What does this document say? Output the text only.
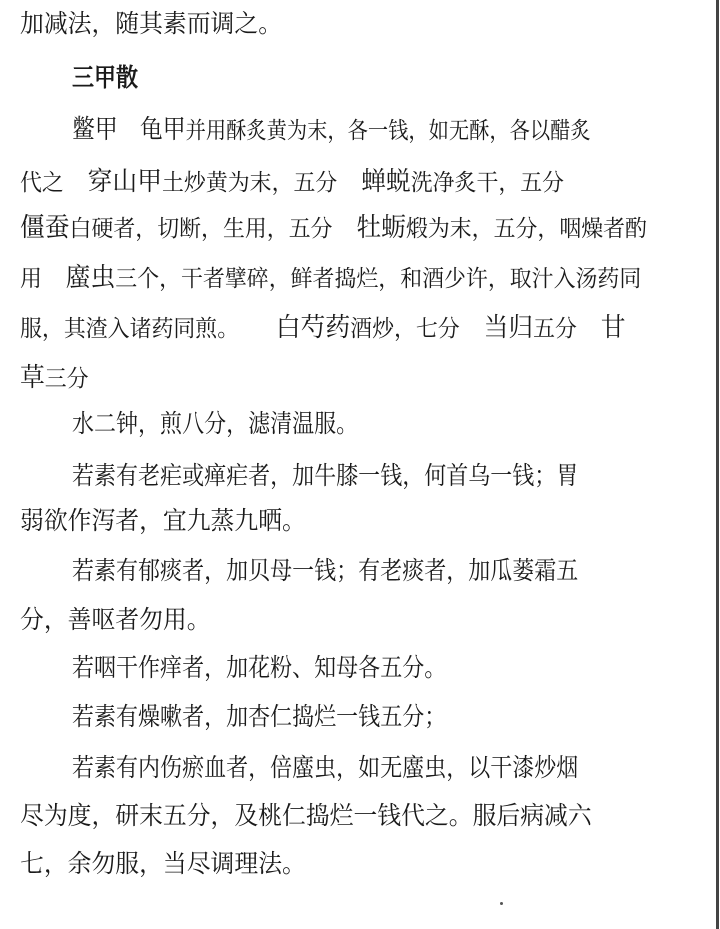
加减法，随其素而调之。
三甲散
鳖甲　 龟甲并用酥炙黄为末，各一钱，如无酥，各以醋炙
代之　 穿山甲土炒黄为末，五分　 蝉蜕洗净炙干，五分
僵蚕白硬者，切断，生用，五分　 牡蛎煅为末，五分，咽燥者酌
用　 䗪虫三个，干者擘碎，鲜者捣烂，和酒少许，取汁入汤药同
服，其渣入诸药同煎。　　 白芍药酒炒，七分　 当归五分　 甘
草三分
水二钟，煎八分，滤清温服。
若素有老疟或瘅疟者，加牛膝一钱，何首乌一钱；胃
弱欲作泻者，宜九蒸九晒。
若素有郁痰者，加贝母一钱；有老痰者，加瓜蒌霜五
分，善呕者勿用。
若咽干作痒者，加花粉、知母各五分。
若素有燥嗽者，加杏仁捣烂一钱五分；
若素有内伤瘀血者，倍䗪虫，如无䗪虫，以干漆炒烟
尽为度，研末五分，及桃仁捣烂一钱代之。服后病减六
七，余勿服，当尽调理法。
